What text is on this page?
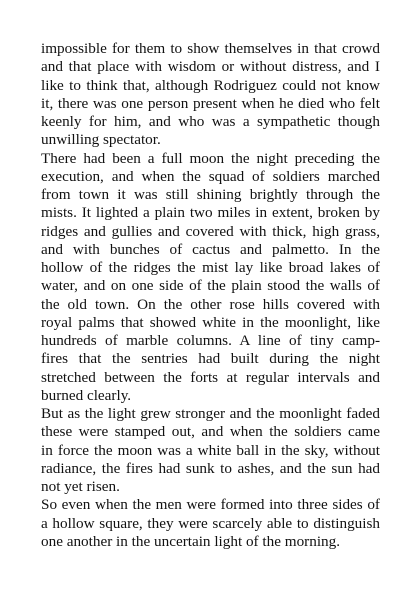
impossible for them to show themselves in that crowd
and that place with wisdom or without distress, and I
like to think that, although Rodriguez could not know
it, there was one person present when he died who felt
keenly for him, and who was a sympathetic though
unwilling spectator.
There had been a full moon the night preceding the
execution, and when the squad of soldiers marched
from town it was still shining brightly through the
mists. It lighted a plain two miles in extent, broken by
ridges and gullies and covered with thick, high grass,
and with bunches of cactus and palmetto. In the
hollow of the ridges the mist lay like broad lakes of
water, and on one side of the plain stood the walls of
the old town. On the other rose hills covered with
royal palms that showed white in the moonlight, like
hundreds of marble columns. A line of tiny camp-
fires that the sentries had built during the night
stretched between the forts at regular intervals and
burned clearly.
But as the light grew stronger and the moonlight faded
these were stamped out, and when the soldiers came
in force the moon was a white ball in the sky, without
radiance, the fires had sunk to ashes, and the sun had
not yet risen.
So even when the men were formed into three sides of
a hollow square, they were scarcely able to distinguish
one another in the uncertain light of the morning.
